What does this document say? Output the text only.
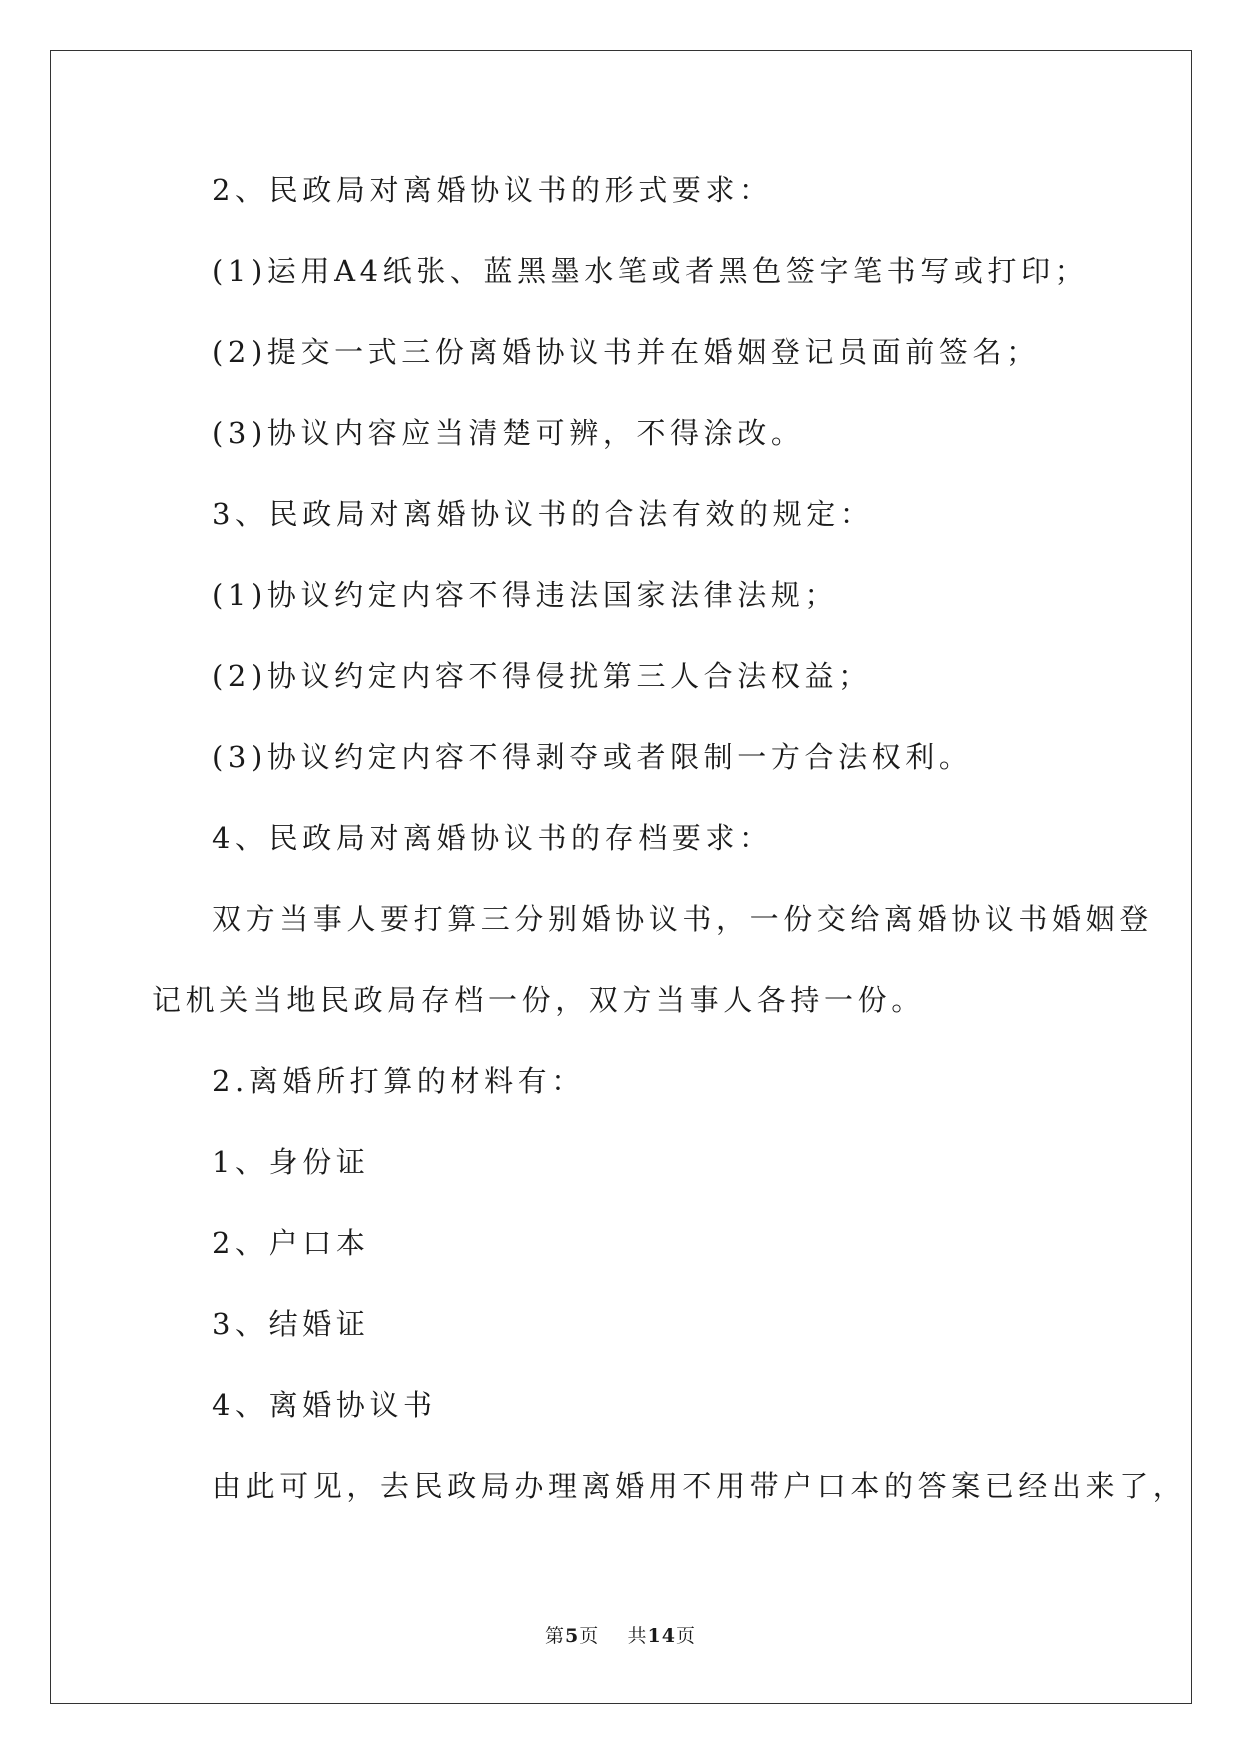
2、民政局对离婚协议书的形式要求：
(1)运用A4纸张、蓝黑墨水笔或者黑色签字笔书写或打印；
(2)提交一式三份离婚协议书并在婚姻登记员面前签名；
(3)协议内容应当清楚可辨，不得涂改。
3、民政局对离婚协议书的合法有效的规定：
(1)协议约定内容不得违法国家法律法规；
(2)协议约定内容不得侵扰第三人合法权益；
(3)协议约定内容不得剥夺或者限制一方合法权利。
4、民政局对离婚协议书的存档要求：
双方当事人要打算三分别婚协议书，一份交给离婚协议书婚姻登
记机关当地民政局存档一份，双方当事人各持一份。
2.离婚所打算的材料有：
1、身份证
2、户口本
3、结婚证
4、离婚协议书
由此可见，去民政局办理离婚用不用带户口本的答案已经出来了，
第5页 共14页
